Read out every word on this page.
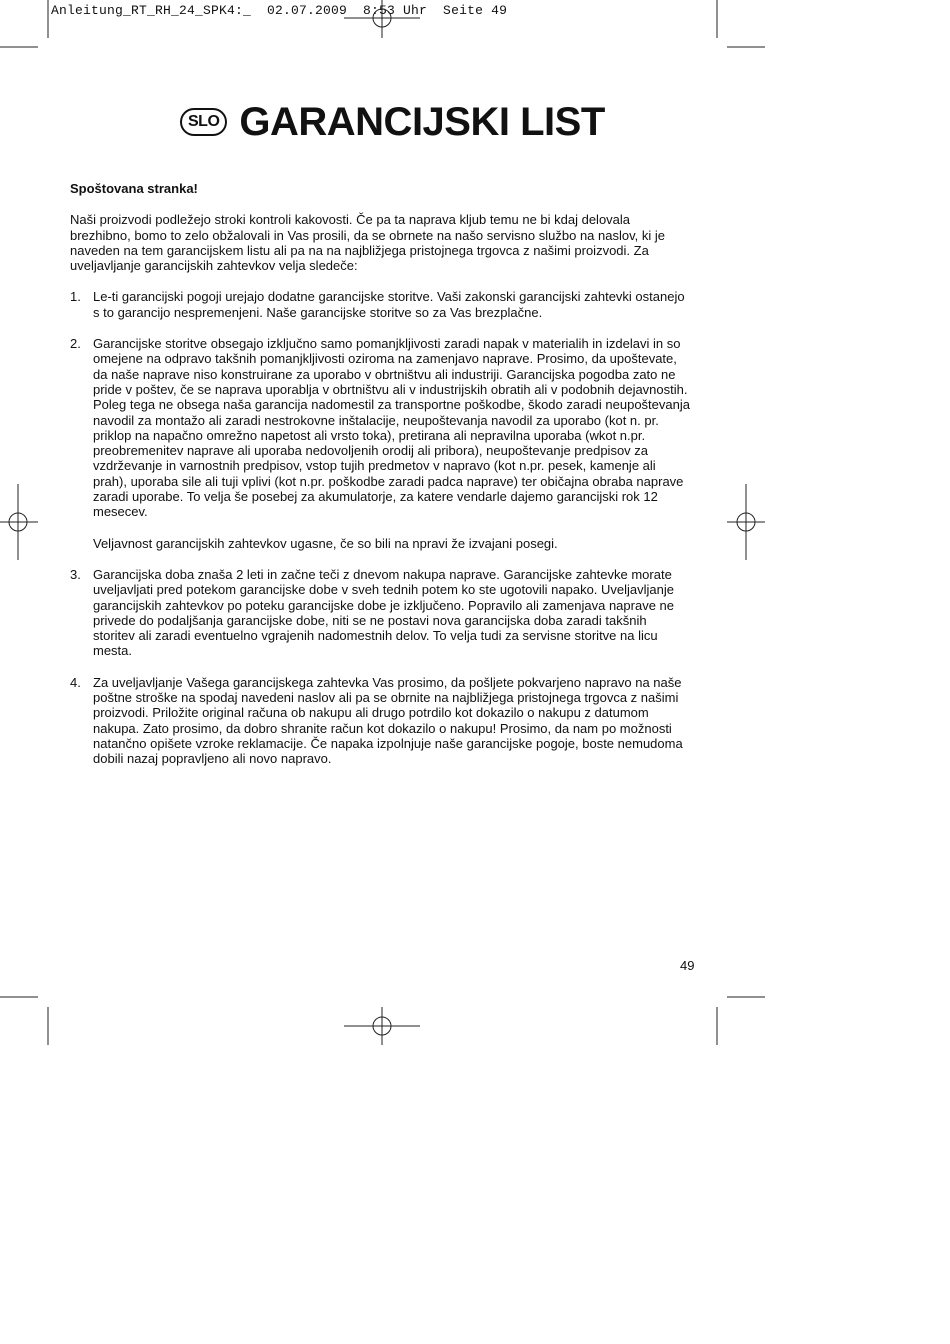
Anleitung_RT_RH_24_SPK4:_  02.07.2009  8:53 Uhr  Seite 49
SLO GARANCIJSKI LIST

Spoštovana stranka!

Naši proizvodi podležejo stroki kontroli kakovosti. Če pa ta naprava kljub temu ne bi kdaj delovala brezhibno, bomo to zelo obžalovali in Vas prosili, da se obrnete na našo servisno službo na naslov, ki je naveden na tem garancijskem listu ali pa na na najbližjega pristojnega trgovca z našimi proizvodi. Za uveljavljanje garancijskih zahtevkov velja sledeče:

1. Le-ti garancijski pogoji urejajo dodatne garancijske storitve. Vaši zakonski garancijski zahtevki ostanejo s to garancijo nespremenjeni. Naše garancijske storitve so za Vas brezplačne.

2. Garancijske storitve obsegajo izključno samo pomanjkljivosti zaradi napak v materialih in izdelavi in so omejene na odpravo takšnih pomanjkljivosti oziroma na zamenjavo naprave. Prosimo, da upoštevate, da naše naprave niso konstruirane za uporabo v obrtništvu ali industriji. Garancijska pogodba zato ne pride v poštev, če se naprava uporablja v obrtništvu ali v industrijskih obratih ali v podobnih dejavnostih. Poleg tega ne obsega naša garancija nadomestil za transportne poškodbe, škodo zaradi neupoštevanja navodil za montažo ali zaradi nestrokovne inštalacije, neupoštevanja navodil za uporabo (kot n. pr. priklop na napačno omrežno napetost ali vrsto toka), pretirana ali nepravilna uporaba (wkot n.pr. preobremenitev naprave ali uporaba nedovoljenih orodij ali pribora), neupoštevanje predpisov za vzdrževanje in varnostnih predpisov, vstop tujih predmetov v napravo (kot n.pr. pesek, kamenje ali prah), uporaba sile ali tuji vplivi (kot n.pr. poškodbe zaradi padca naprave) ter običajna obraba naprave zaradi uporabe. To velja še posebej za akumulatorje, za katere vendarle dajemo garancijski rok 12 mesecev.

Veljavnost garancijskih zahtevkov ugasne, če so bili na npravi že izvajani posegi.

3. Garancijska doba znaša 2 leti in začne teči z dnevom nakupa naprave. Garancijske zahtevke morate uveljavljati pred potekom garancijske dobe v sveh tednih potem ko ste ugotovili napako. Uveljavljanje garancijskih zahtevkov po poteku garancijske dobe je izključeno. Popravilo ali zamenjava naprave ne privede do podaljšanja garancijske dobe, niti se ne postavi nova garancijska doba zaradi takšnih storitev ali zaradi eventuelno vgrajenih nadomestnih delov. To velja tudi za servisne storitve na licu mesta.

4. Za uveljavljanje Vašega garancijskega zahtevka Vas prosimo, da pošljete pokvarjeno napravo na naše poštne stroške na spodaj navedeni naslov ali pa se obrnite na najbližjega pristojnega trgovca z našimi proizvodi. Priložite original računa ob nakupu ali drugo potrdilo kot dokazilo o nakupu z datumom nakupa. Zato prosimo, da dobro shranite račun kot dokazilo o nakupu! Prosimo, da nam po možnosti natančno opišete vzroke reklamacije. Če napaka izpolnjuje naše garancijske pogoje, boste nemudoma dobili nazaj popravljeno ali novo napravo.

49
